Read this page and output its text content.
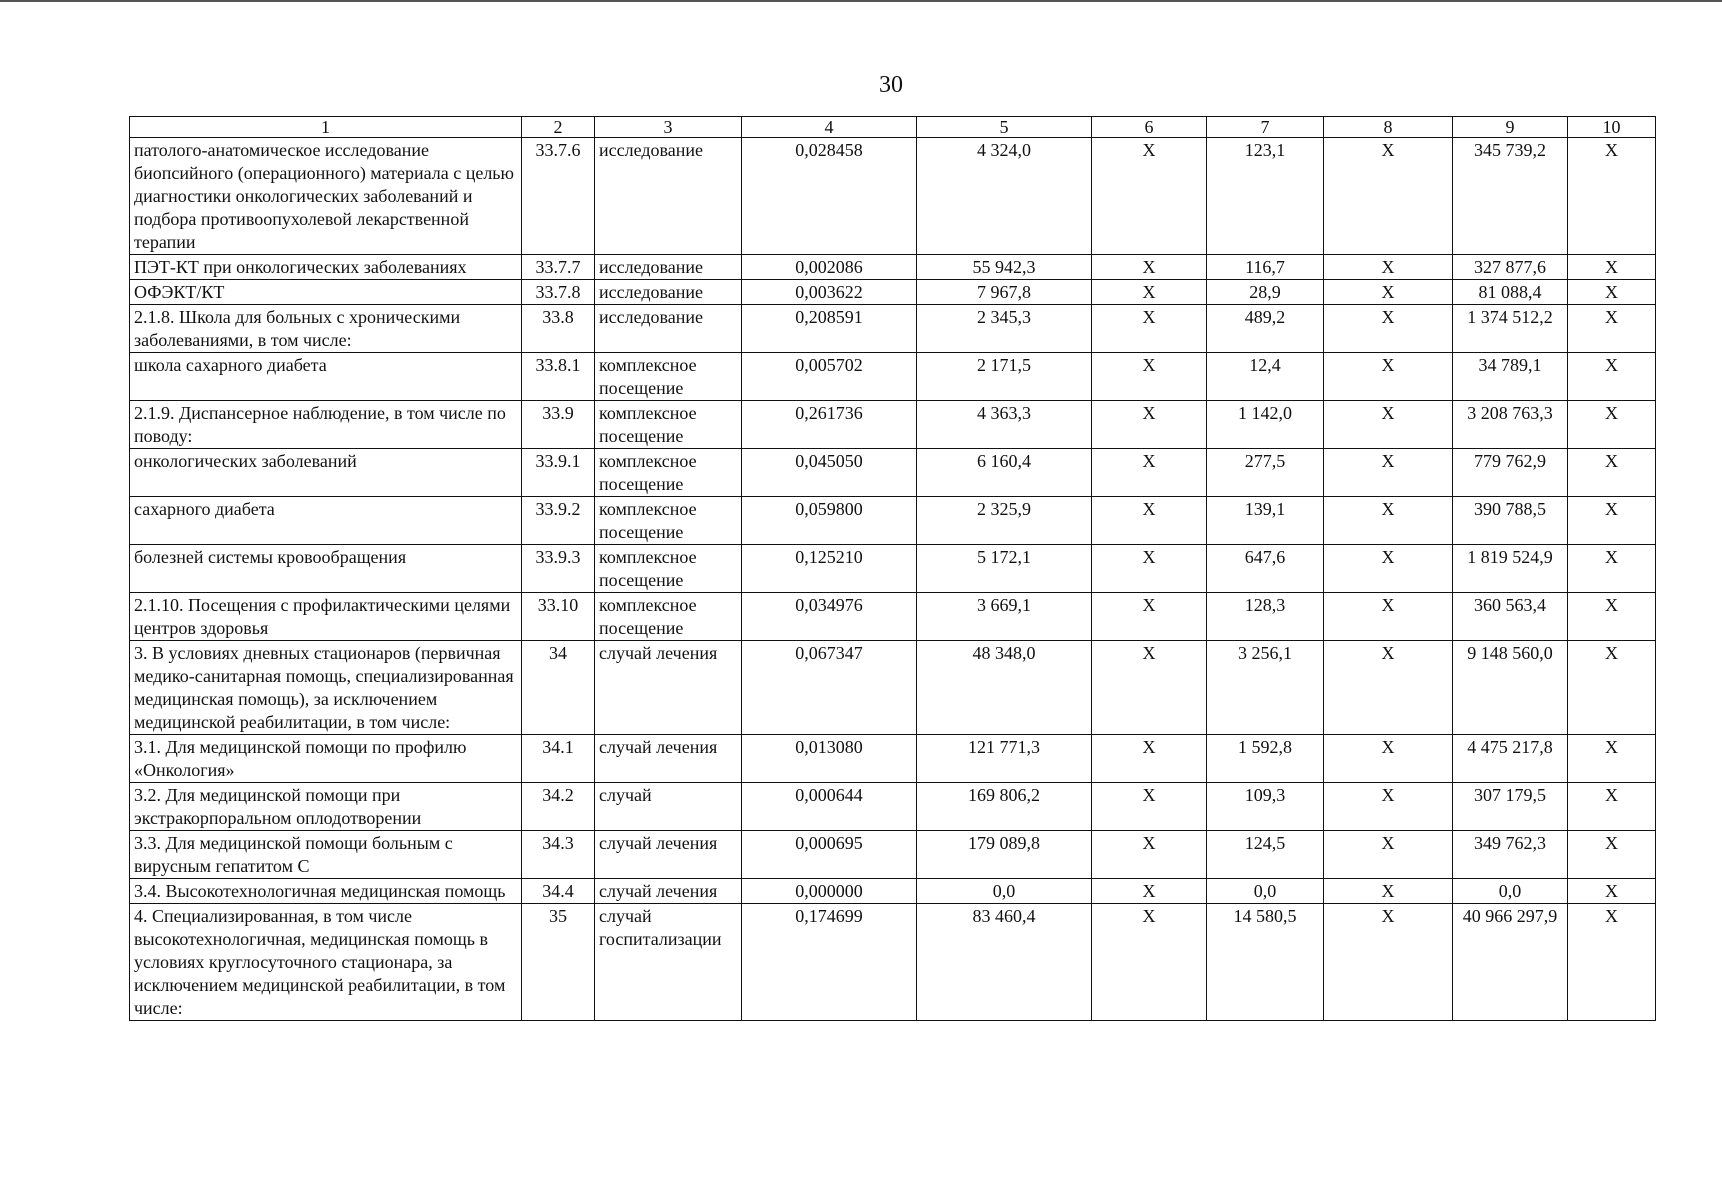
30
1	2	3	4	5	6	7	8	9	10
патолого-анатомическое исследование биопсийного (операционного) материала с целью диагностики онкологических заболеваний и подбора противоопухолевой лекарственной терапии	33.7.6	исследование	0,028458	4 324,0	Х	123,1	Х	345 739,2	Х
ПЭТ-КТ при онкологических заболеваниях	33.7.7	исследование	0,002086	55 942,3	Х	116,7	Х	327 877,6	Х
ОФЭКТ/КТ	33.7.8	исследование	0,003622	7 967,8	Х	28,9	Х	81 088,4	Х
2.1.8. Школа для больных с хроническими заболеваниями, в том числе:	33.8	исследование	0,208591	2 345,3	Х	489,2	Х	1 374 512,2	Х
школа сахарного диабета	33.8.1	комплексное посещение	0,005702	2 171,5	Х	12,4	Х	34 789,1	Х
2.1.9. Диспансерное наблюдение, в том числе по поводу:	33.9	комплексное посещение	0,261736	4 363,3	Х	1 142,0	Х	3 208 763,3	Х
онкологических заболеваний	33.9.1	комплексное посещение	0,045050	6 160,4	Х	277,5	Х	779 762,9	Х
сахарного диабета	33.9.2	комплексное посещение	0,059800	2 325,9	Х	139,1	Х	390 788,5	Х
болезней системы кровообращения	33.9.3	комплексное посещение	0,125210	5 172,1	Х	647,6	Х	1 819 524,9	Х
2.1.10. Посещения с профилактическими целями центров здоровья	33.10	комплексное посещение	0,034976	3 669,1	Х	128,3	Х	360 563,4	Х
3. В условиях дневных стационаров (первичная медико-санитарная помощь, специализированная медицинская помощь), за исключением медицинской реабилитации, в том числе:	34	случай лечения	0,067347	48 348,0	Х	3 256,1	Х	9 148 560,0	Х
3.1. Для медицинской помощи по профилю «Онкология»	34.1	случай лечения	0,013080	121 771,3	Х	1 592,8	Х	4 475 217,8	Х
3.2. Для медицинской помощи при экстракорпоральном оплодотворении	34.2	случай	0,000644	169 806,2	Х	109,3	Х	307 179,5	Х
3.3. Для медицинской помощи больным с вирусным гепатитом С	34.3	случай лечения	0,000695	179 089,8	Х	124,5	Х	349 762,3	Х
3.4. Высокотехнологичная медицинская помощь	34.4	случай лечения	0,000000	0,0	Х	0,0	Х	0,0	Х
4. Специализированная, в том числе высокотехнологичная, медицинская помощь в условиях круглосуточного стационара, за исключением медицинской реабилитации, в том числе:	35	случай госпитализации	0,174699	83 460,4	Х	14 580,5	Х	40 966 297,9	Х
